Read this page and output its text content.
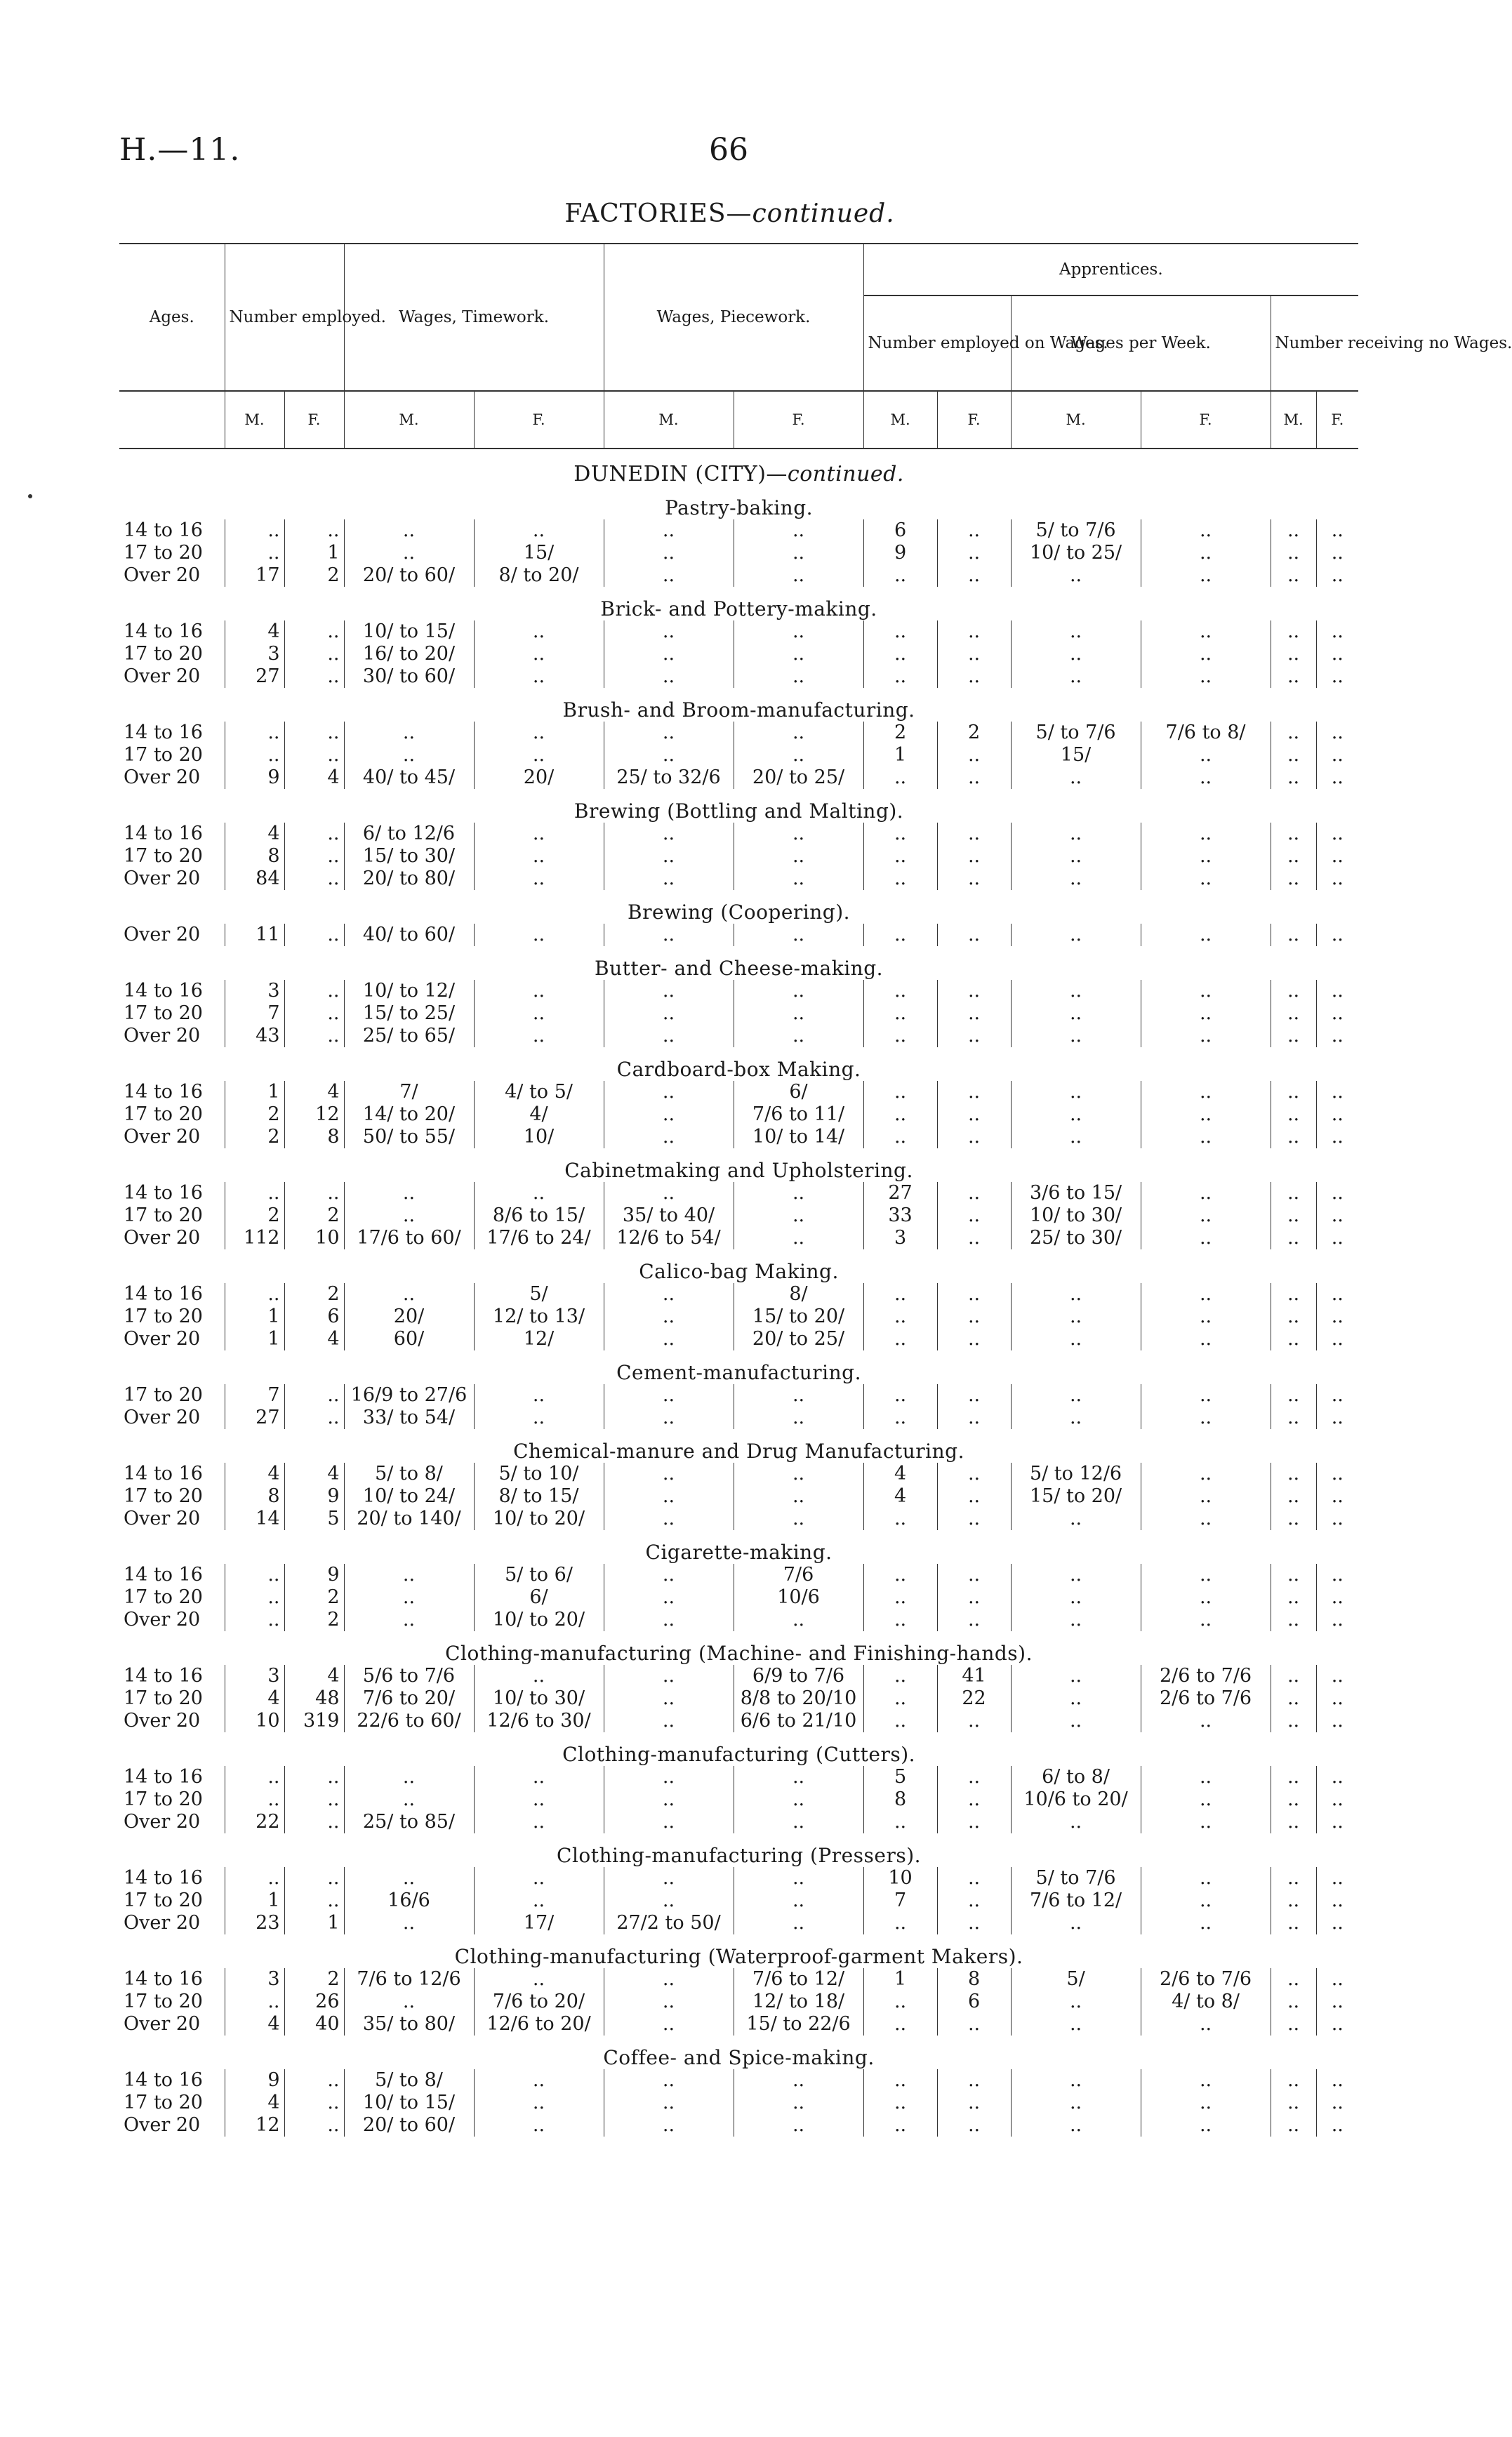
H.—11.	66
FACTORIES—continued.
Ages.	Number employed.		Wages, Timework.		Wages, Piecework.		Apprentices.					
							Number employed on Wages.		Wages per Week.		Number receiving no Wages.	
	M.	F.	M.	F.	M.	F.	M.	F.	M.	F.	M.	F.
DUNEDIN (CITY)—continued.												
Pastry-baking.												
14 to 16	..	..	..	..	..	..	6	..	5/ to 7/6	..	..	..
17 to 20	..	1	..	15/	..	..	9	..	10/ to 25/	..	..	..
Over 20	17	2	20/ to 60/	8/ to 20/	..	..	..	..	..	..	..	..
Brick- and Pottery-making.												
14 to 16	4	..	10/ to 15/	..	..	..	..	..	..	..	..	..
17 to 20	3	..	16/ to 20/	..	..	..	..	..	..	..	..	..
Over 20	27	..	30/ to 60/	..	..	..	..	..	..	..	..	..
Brush- and Broom-manufacturing.												
14 to 16	..	..	..	..	..	..	2	2	5/ to 7/6	7/6 to 8/	..	..
17 to 20	..	..	..	..	..	..	1	..	15/	..	..	..
Over 20	9	4	40/ to 45/	20/	25/ to 32/6	20/ to 25/	..	..	..	..	..	..
Brewing (Bottling and Malting).												
14 to 16	4	..	6/ to 12/6	..	..	..	..	..	..	..	..	..
17 to 20	8	..	15/ to 30/	..	..	..	..	..	..	..	..	..
Over 20	84	..	20/ to 80/	..	..	..	..	..	..	..	..	..
Brewing (Coopering).												
Over 20	11	..	40/ to 60/	..	..	..	..	..	..	..	..	..
Butter- and Cheese-making.												
14 to 16	3	..	10/ to 12/	..	..	..	..	..	..	..	..	..
17 to 20	7	..	15/ to 25/	..	..	..	..	..	..	..	..	..
Over 20	43	..	25/ to 65/	..	..	..	..	..	..	..	..	..
Cardboard-box Making.												
14 to 16	1	4	7/	4/ to 5/	..	6/	..	..	..	..	..	..
17 to 20	2	12	14/ to 20/	4/	..	7/6 to 11/	..	..	..	..	..	..
Over 20	2	8	50/ to 55/	10/	..	10/ to 14/	..	..	..	..	..	..
Cabinetmaking and Upholstering.												
14 to 16	..	..	..	..	..	..	27	..	3/6 to 15/	..	..	..
17 to 20	2	2	..	8/6 to 15/	35/ to 40/	..	33	..	10/ to 30/	..	..	..
Over 20	112	10	17/6 to 60/	17/6 to 24/	12/6 to 54/	..	3	..	25/ to 30/	..	..	..
Calico-bag Making.												
14 to 16	..	2	..	5/	..	8/	..	..	..	..	..	..
17 to 20	1	6	20/	12/ to 13/	..	15/ to 20/	..	..	..	..	..	..
Over 20	1	4	60/	12/	..	20/ to 25/	..	..	..	..	..	..
Cement-manufacturing.												
17 to 20	7	..	16/9 to 27/6	..	..	..	..	..	..	..	..	..
Over 20	27	..	33/ to 54/	..	..	..	..	..	..	..	..	..
Chemical-manure and Drug Manufacturing.												
14 to 16	4	4	5/ to 8/	5/ to 10/	..	..	4	..	5/ to 12/6	..	..	..
17 to 20	8	9	10/ to 24/	8/ to 15/	..	..	4	..	15/ to 20/	..	..	..
Over 20	14	5	20/ to 140/	10/ to 20/	..	..	..	..	..	..	..	..
Cigarette-making.												
14 to 16	..	9	..	5/ to 6/	..	7/6	..	..	..	..	..	..
17 to 20	..	2	..	6/	..	10/6	..	..	..	..	..	..
Over 20	..	2	..	10/ to 20/	..	..	..	..	..	..	..	..
Clothing-manufacturing (Machine- and Finishing-hands).												
14 to 16	3	4	5/6 to 7/6	..	..	6/9 to 7/6	..	41	..	2/6 to 7/6	..	..
17 to 20	4	48	7/6 to 20/	10/ to 30/	..	8/8 to 20/10	..	22	..	2/6 to 7/6	..	..
Over 20	10	319	22/6 to 60/	12/6 to 30/	..	6/6 to 21/10	..	..	..	..	..	..
Clothing-manufacturing (Cutters).												
14 to 16	..	..	..	..	..	..	5	..	6/ to 8/	..	..	..
17 to 20	..	..	..	..	..	..	8	..	10/6 to 20/	..	..	..
Over 20	22	..	25/ to 85/	..	..	..	..	..	..	..	..	..
Clothing-manufacturing (Pressers).												
14 to 16	..	..	..	..	..	..	10	..	5/ to 7/6	..	..	..
17 to 20	1	..	16/6	..	..	..	7	..	7/6 to 12/	..	..	..
Over 20	23	1	..	17/	27/2 to 50/	..	..	..	..	..	..	..
Clothing-manufacturing (Waterproof-garment Makers).												
14 to 16	3	2	7/6 to 12/6	..	..	7/6 to 12/	1	8	5/	2/6 to 7/6	..	..
17 to 20	..	26	..	7/6 to 20/	..	12/ to 18/	..	6	..	4/ to 8/	..	..
Over 20	4	40	35/ to 80/	12/6 to 20/	..	15/ to 22/6	..	..	..	..	..	..
Coffee- and Spice-making.												
14 to 16	9	..	5/ to 8/	..	..	..	..	..	..	..	..	..
17 to 20	4	..	10/ to 15/	..	..	..	..	..	..	..	..	..
Over 20	12	..	20/ to 60/	..	..	..	..	..	..	..	..	..
